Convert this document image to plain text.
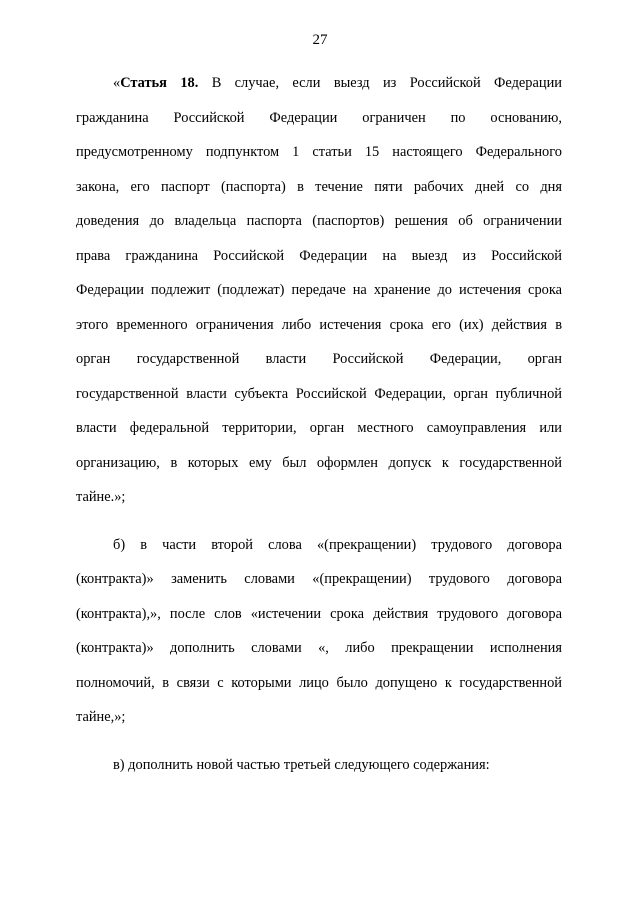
27
«Статья 18. В случае, если выезд из Российской Федерации
гражданина Российской Федерации ограничен по основанию,
предусмотренному подпунктом 1 статьи 15 настоящего Федерального
закона, его паспорт (паспорта) в течение пяти рабочих дней со дня
доведения до владельца паспорта (паспортов) решения об ограничении
права гражданина Российской Федерации на выезд из Российской
Федерации подлежит (подлежат) передаче на хранение до истечения срока
этого временного ограничения либо истечения срока его (их) действия в
орган государственной власти Российской Федерации, орган
государственной власти субъекта Российской Федерации, орган публичной
власти федеральной территории, орган местного самоуправления или
организацию, в которых ему был оформлен допуск к государственной
тайне.»;
б) в части второй слова «(прекращении) трудового договора
(контракта)» заменить словами «(прекращении) трудового договора
(контракта),», после слов «истечении срока действия трудового договора
(контракта)» дополнить словами «, либо прекращении исполнения
полномочий, в связи с которыми лицо было допущено к государственной
тайне,»;
в) дополнить новой частью третьей следующего содержания:
